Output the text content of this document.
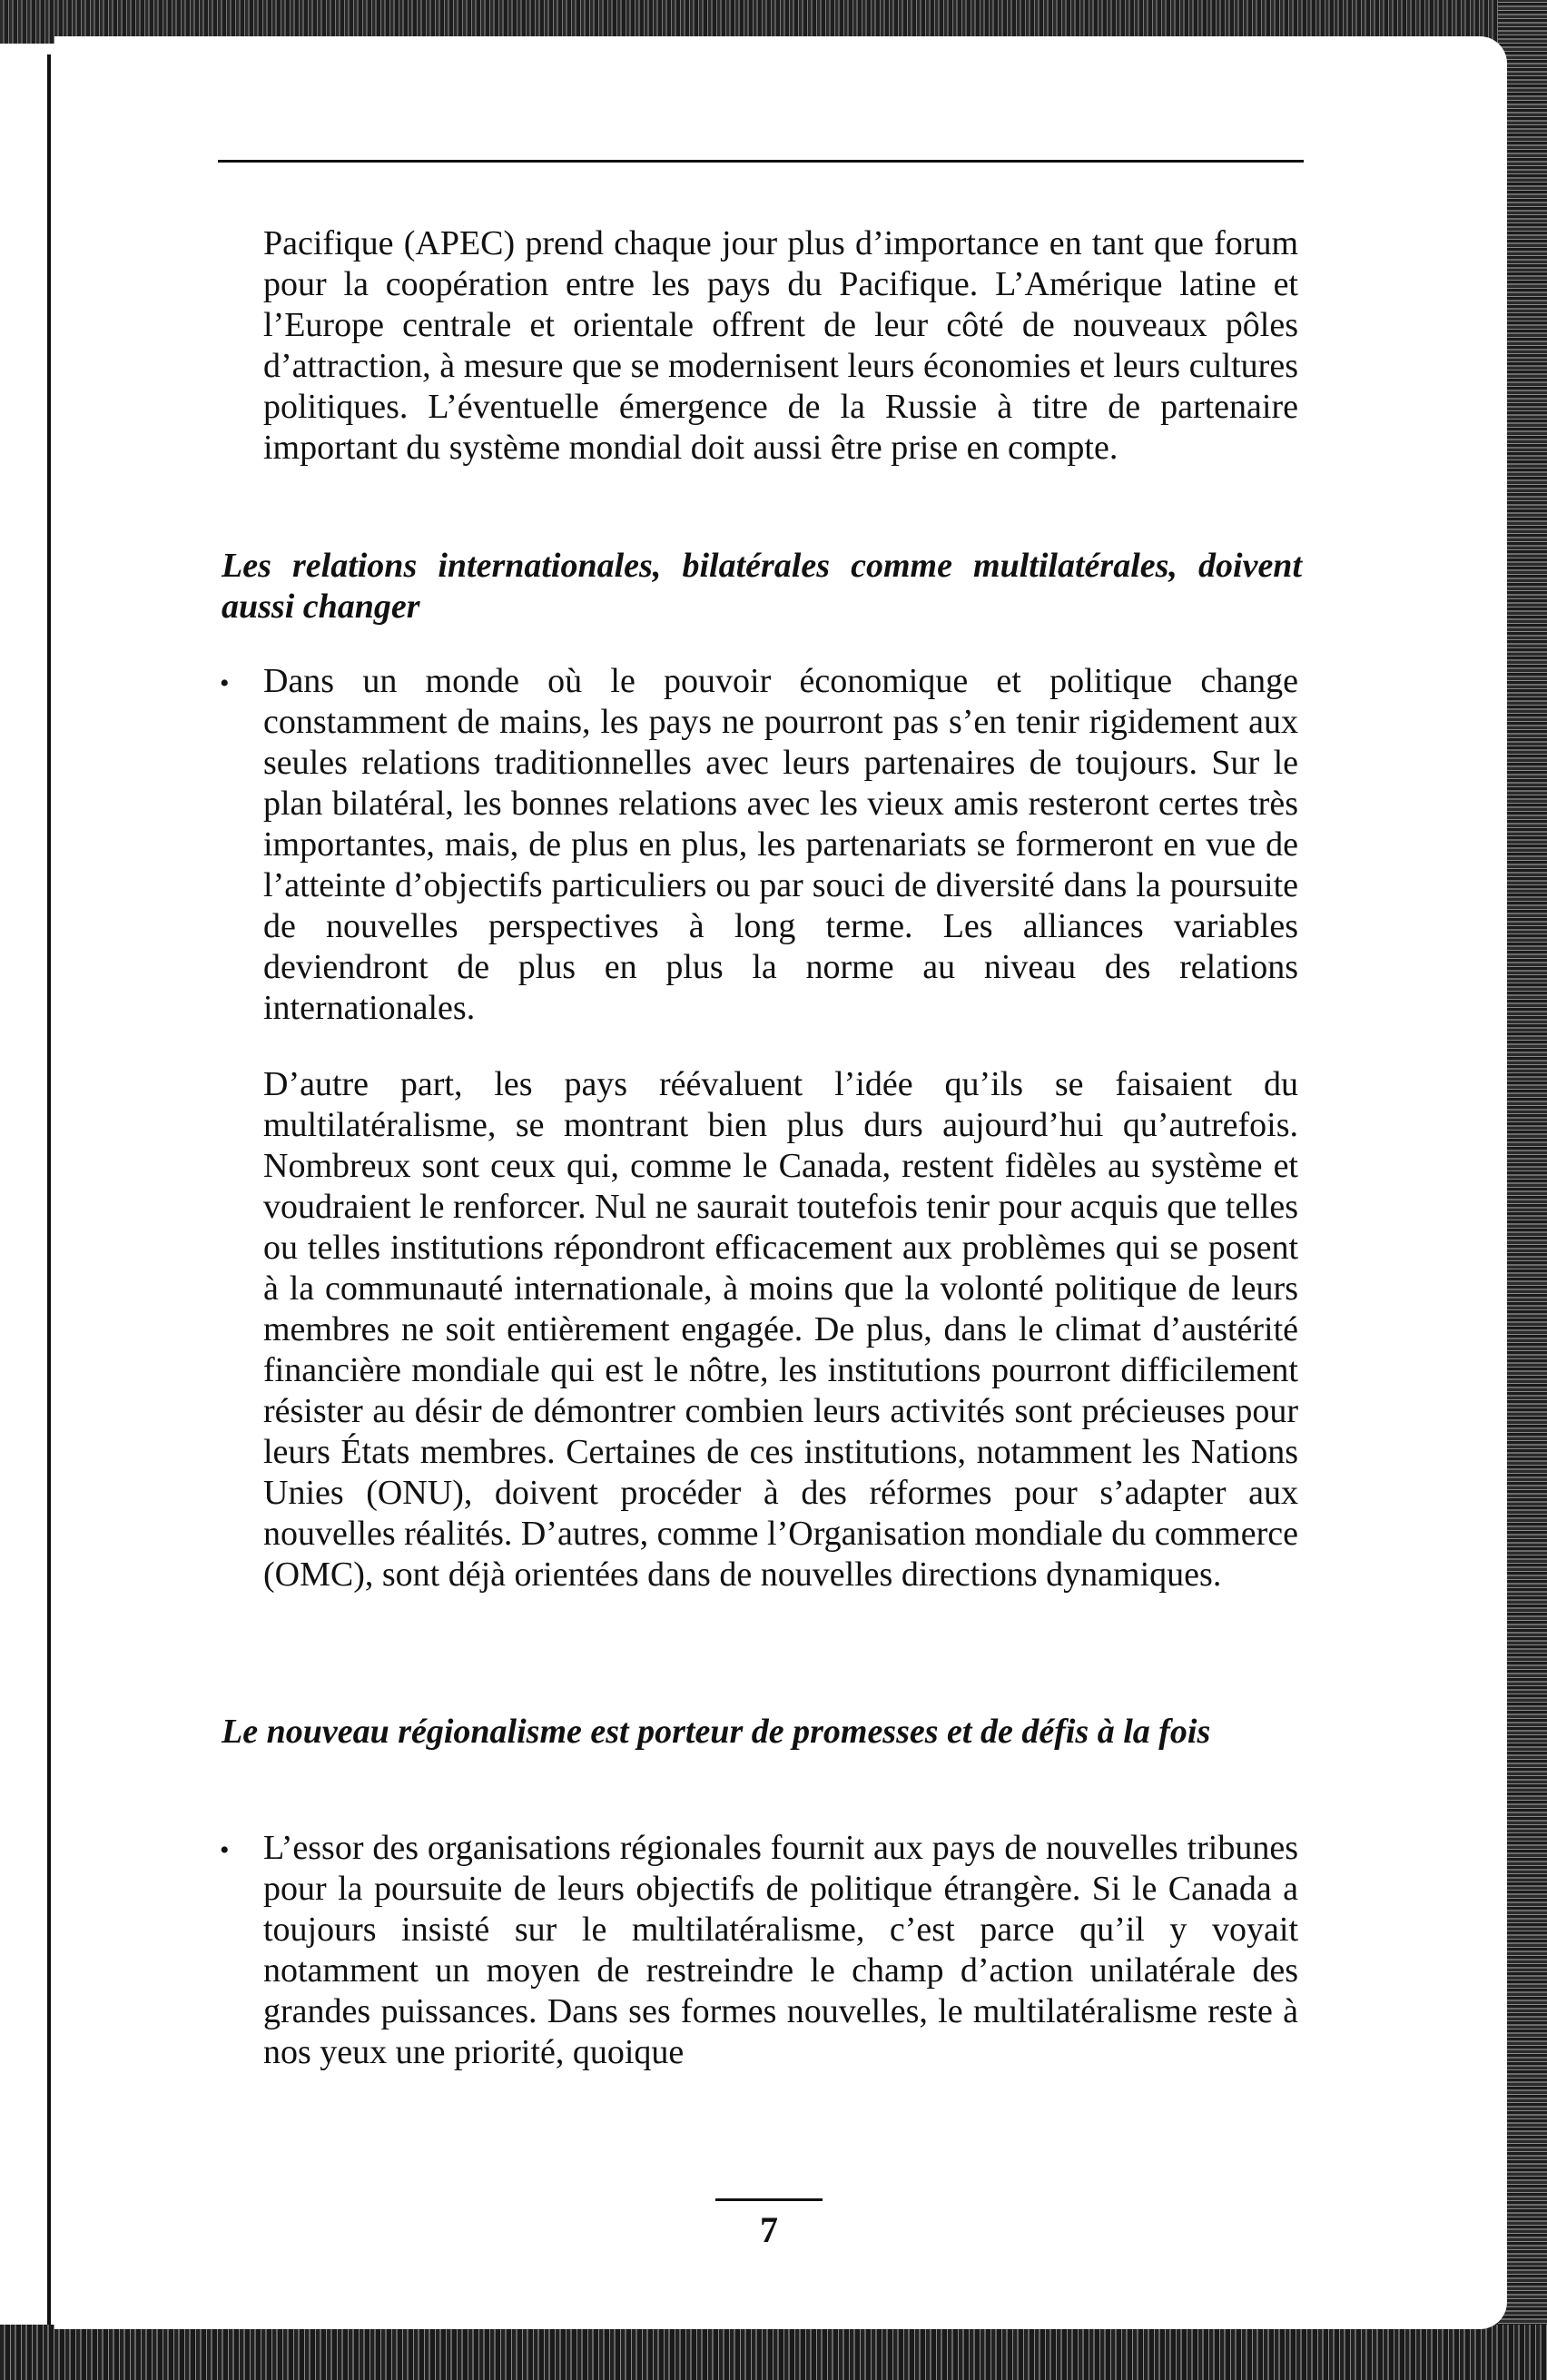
Pacifique (APEC) prend chaque jour plus d’importance en tant que forum pour la coopération entre les pays du Pacifique. L’Amérique latine et l’Europe centrale et orientale offrent de leur côté de nouveaux pôles d’attraction, à mesure que se modernisent leurs économies et leurs cultures politiques. L’éventuelle émergence de la Russie à titre de partenaire important du système mondial doit aussi être prise en compte.
Les relations internationales, bilatérales comme multilatérales, doivent aussi changer
• Dans un monde où le pouvoir économique et politique change constamment de mains, les pays ne pourront pas s’en tenir rigidement aux seules relations traditionnelles avec leurs partenaires de toujours. Sur le plan bilatéral, les bonnes relations avec les vieux amis resteront certes très importantes, mais, de plus en plus, les partenariats se formeront en vue de l’atteinte d’objectifs particuliers ou par souci de diversité dans la poursuite de nouvelles perspectives à long terme. Les alliances variables deviendront de plus en plus la norme au niveau des relations internationales.
D’autre part, les pays réévaluent l’idée qu’ils se faisaient du multilatéralisme, se montrant bien plus durs aujourd’hui qu’autrefois. Nombreux sont ceux qui, comme le Canada, restent fidèles au système et voudraient le renforcer. Nul ne saurait toutefois tenir pour acquis que telles ou telles institutions répondront efficacement aux problèmes qui se posent à la communauté internationale, à moins que la volonté politique de leurs membres ne soit entièrement engagée. De plus, dans le climat d’austérité financière mondiale qui est le nôtre, les institutions pourront difficilement résister au désir de démontrer combien leurs activités sont précieuses pour leurs États membres. Certaines de ces institutions, notamment les Nations Unies (ONU), doivent procéder à des réformes pour s’adapter aux nouvelles réalités. D’autres, comme l’Organisation mondiale du commerce (OMC), sont déjà orientées dans de nouvelles directions dynamiques.
Le nouveau régionalisme est porteur de promesses et de défis à la fois
• L’essor des organisations régionales fournit aux pays de nouvelles tribunes pour la poursuite de leurs objectifs de politique étrangère. Si le Canada a toujours insisté sur le multilatéralisme, c’est parce qu’il y voyait notamment un moyen de restreindre le champ d’action unilatérale des grandes puissances. Dans ses formes nouvelles, le multilatéralisme reste à nos yeux une priorité, quoique
7
